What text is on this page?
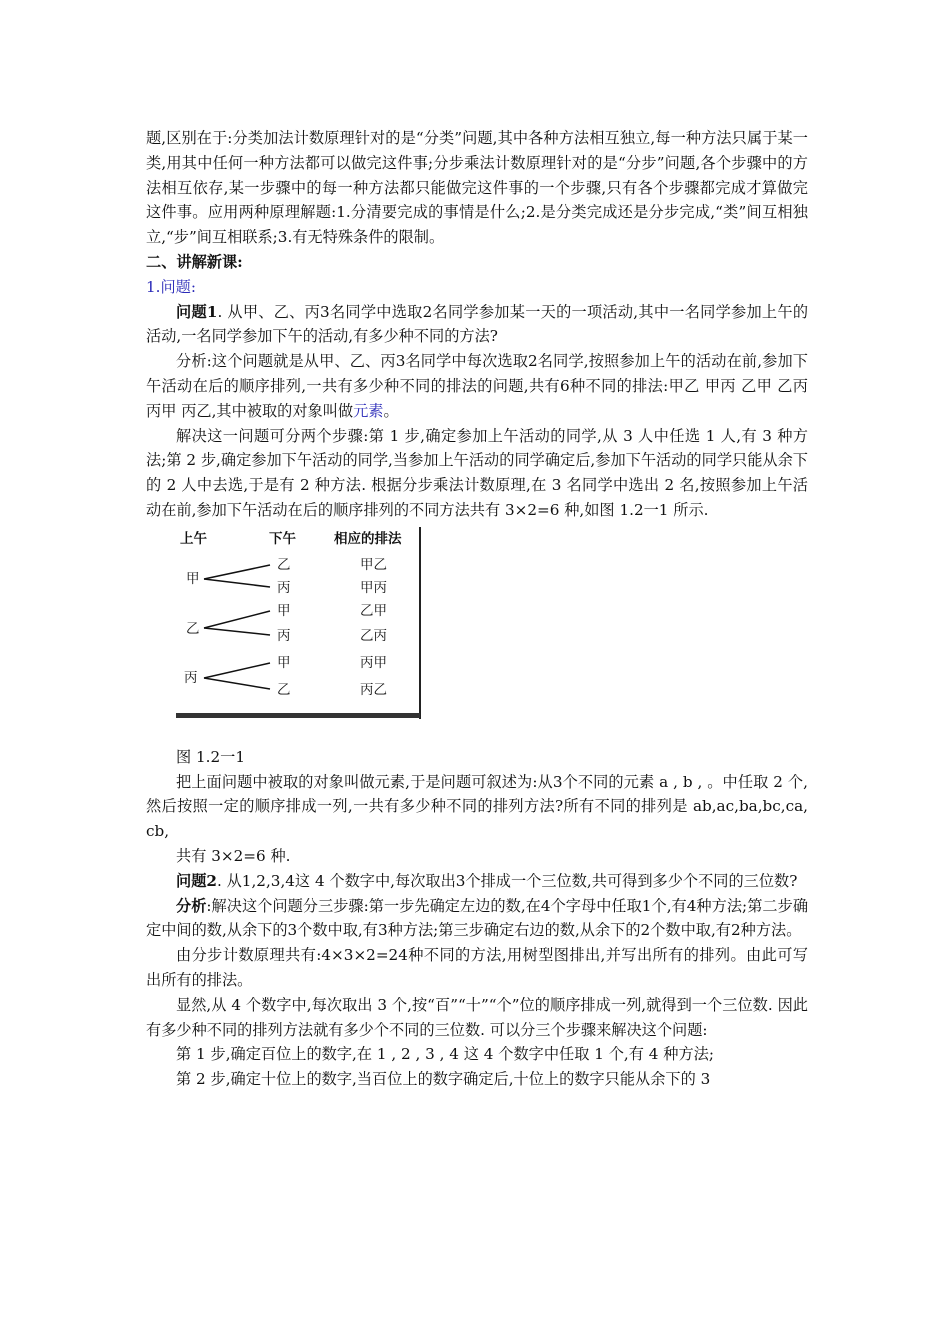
题,区别在于:分类加法计数原理针对的是“分类”问题,其中各种方法相互独立,每一种方法只属于某一类,用其中任何一种方法都可以做完这件事;分步乘法计数原理针对的是“分步”问题,各个步骤中的方法相互依存,某一步骤中的每一种方法都只能做完这件事的一个步骤,只有各个步骤都完成才算做完这件事。应用两种原理解题:1.分清要完成的事情是什么;2.是分类完成还是分步完成,“类”间互相独立,“步”间互相联系;3.有无特殊条件的限制。

二、讲解新课:

1.问题:

问题1. 从甲、乙、丙3名同学中选取2名同学参加某一天的一项活动,其中一名同学参加上午的活动,一名同学参加下午的活动,有多少种不同的方法?

分析:这个问题就是从甲、乙、丙3名同学中每次选取2名同学,按照参加上午的活动在前,参加下午活动在后的顺序排列,一共有多少种不同的排法的问题,共有6种不同的排法:甲乙 甲丙 乙甲 乙丙 丙甲 丙乙,其中被取的对象叫做元素。

解决这一问题可分两个步骤:第 1 步,确定参加上午活动的同学,从 3 人中任选 1 人,有 3 种方法;第 2 步,确定参加下午活动的同学,当参加上午活动的同学确定后,参加下午活动的同学只能从余下的 2 人中去选,于是有 2 种方法. 根据分步乘法计数原理,在 3 名同学中选出 2 名,按照参加上午活动在前,参加下午活动在后的顺序排列的不同方法共有 3×2=6 种,如图 1.2一1 所示.

上午	下午	相应的排法
甲
乙
丙
甲乙
甲丙
乙
甲
丙
乙甲
乙丙
丙
甲
乙
丙甲
丙乙

图 1.2一1

把上面问题中被取的对象叫做元素,于是问题可叙述为:从3个不同的元素 a , b , 。中任取 2 个,然后按照一定的顺序排成一列,一共有多少种不同的排列方法?所有不同的排列是 ab,ac,ba,bc,ca, cb,

共有 3×2=6 种.

问题2. 从1,2,3,4这 4 个数字中,每次取出3个排成一个三位数,共可得到多少个不同的三位数?

分析:解决这个问题分三步骤:第一步先确定左边的数,在4个字母中任取1个,有4种方法;第二步确定中间的数,从余下的3个数中取,有3种方法;第三步确定右边的数,从余下的2个数中取,有2种方法。

由分步计数原理共有:4×3×2=24种不同的方法,用树型图排出,并写出所有的排列。由此可写出所有的排法。

显然,从 4 个数字中,每次取出 3 个,按“百”“十”“个”位的顺序排成一列,就得到一个三位数. 因此有多少种不同的排列方法就有多少个不同的三位数. 可以分三个步骤来解决这个问题:

第 1 步,确定百位上的数字,在 1 , 2 , 3 , 4 这 4 个数字中任取 1 个,有 4 种方法;

第 2 步,确定十位上的数字,当百位上的数字确定后,十位上的数字只能从余下的 3
